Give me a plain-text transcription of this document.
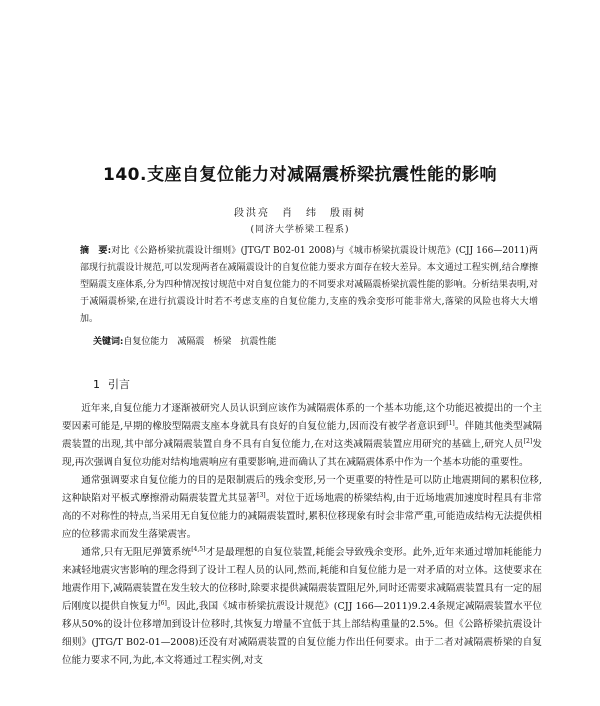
140.支座自复位能力对减隔震桥梁抗震性能的影响
段洪亮　肖　纬　殷雨树
(同济大学桥梁工程系)
摘　要:对比《公路桥梁抗震设计细则》(JTG/T B02-01 2008)与《城市桥梁抗震设计规范》(CJJ 166—2011)两部现行抗震设计规范,可以发现两者在减隔震设计的自复位能力要求方面存在较大差异。本文通过工程实例,结合摩擦型隔震支座体系,分为四种情况按讨规范中对自复位能力的不同要求对减隔震桥梁抗震性能的影响。分析结果表明,对于减隔震桥梁,在进行抗震设计时若不考虑支座的自复位能力,支座的残余变形可能非常大,落梁的风险也将大大增加。
关键词:自复位能力　减隔震　桥梁　抗震性能
1 引言

近年来,自复位能力才逐渐被研究人员认识到应该作为减隔震体系的一个基本功能,这个功能迟被提出的一个主要因素可能是,早期的橡胶型隔震支座本身就具有良好的自复位能力,因而没有被学者意识到[1]。伴随其他类型减隔震装置的出现,其中部分减隔震装置自身不具有自复位能力,在对这类减隔震装置应用研究的基础上,研究人员[2]发现,再次强调自复位功能对结构地震响应有重要影响,进而确认了其在减隔震体系中作为一个基本功能的重要性。

通常强调要求自复位能力的目的是限制震后的残余变形,另一个更重要的特性是可以防止地震期间的累积位移,这种缺陷对平板式摩擦滑动隔震装置尤其显著[3]。对位于近场地震的桥梁结构,由于近场地震加速度时程具有非常高的不对称性的特点,当采用无自复位能力的减隔震装置时,累积位移现象有时会非常严重,可能造成结构无法提供相应的位移需求而发生落梁震害。

通常,只有无阻尼弹簧系统[4,5]才是最理想的自复位装置,耗能会导致残余变形。此外,近年来通过增加耗能能力来减轻地震灾害影响的理念得到了设计工程人员的认同,然而,耗能和自复位能力是一对矛盾的对立体。这使要求在地震作用下,减隔震装置在发生较大的位移时,除要求提供减隔震装置阻尼外,同时还需要求减隔震装置具有一定的屈后刚度以提供自恢复力[6]。因此,我国《城市桥梁抗震设计规范》(CJJ 166—2011)9.2.4条规定减隔震装置水平位移从50%的设计位移增加到设计位移时,其恢复力增量不宜低于其上部结构重量的2.5%。但《公路桥梁抗震设计细则》(JTG/T B02-01—2008)还没有对减隔震装置的自复位能力作出任何要求。由于二者对减隔震桥梁的自复位能力要求不同,为此,本文将通过工程实例,对支
